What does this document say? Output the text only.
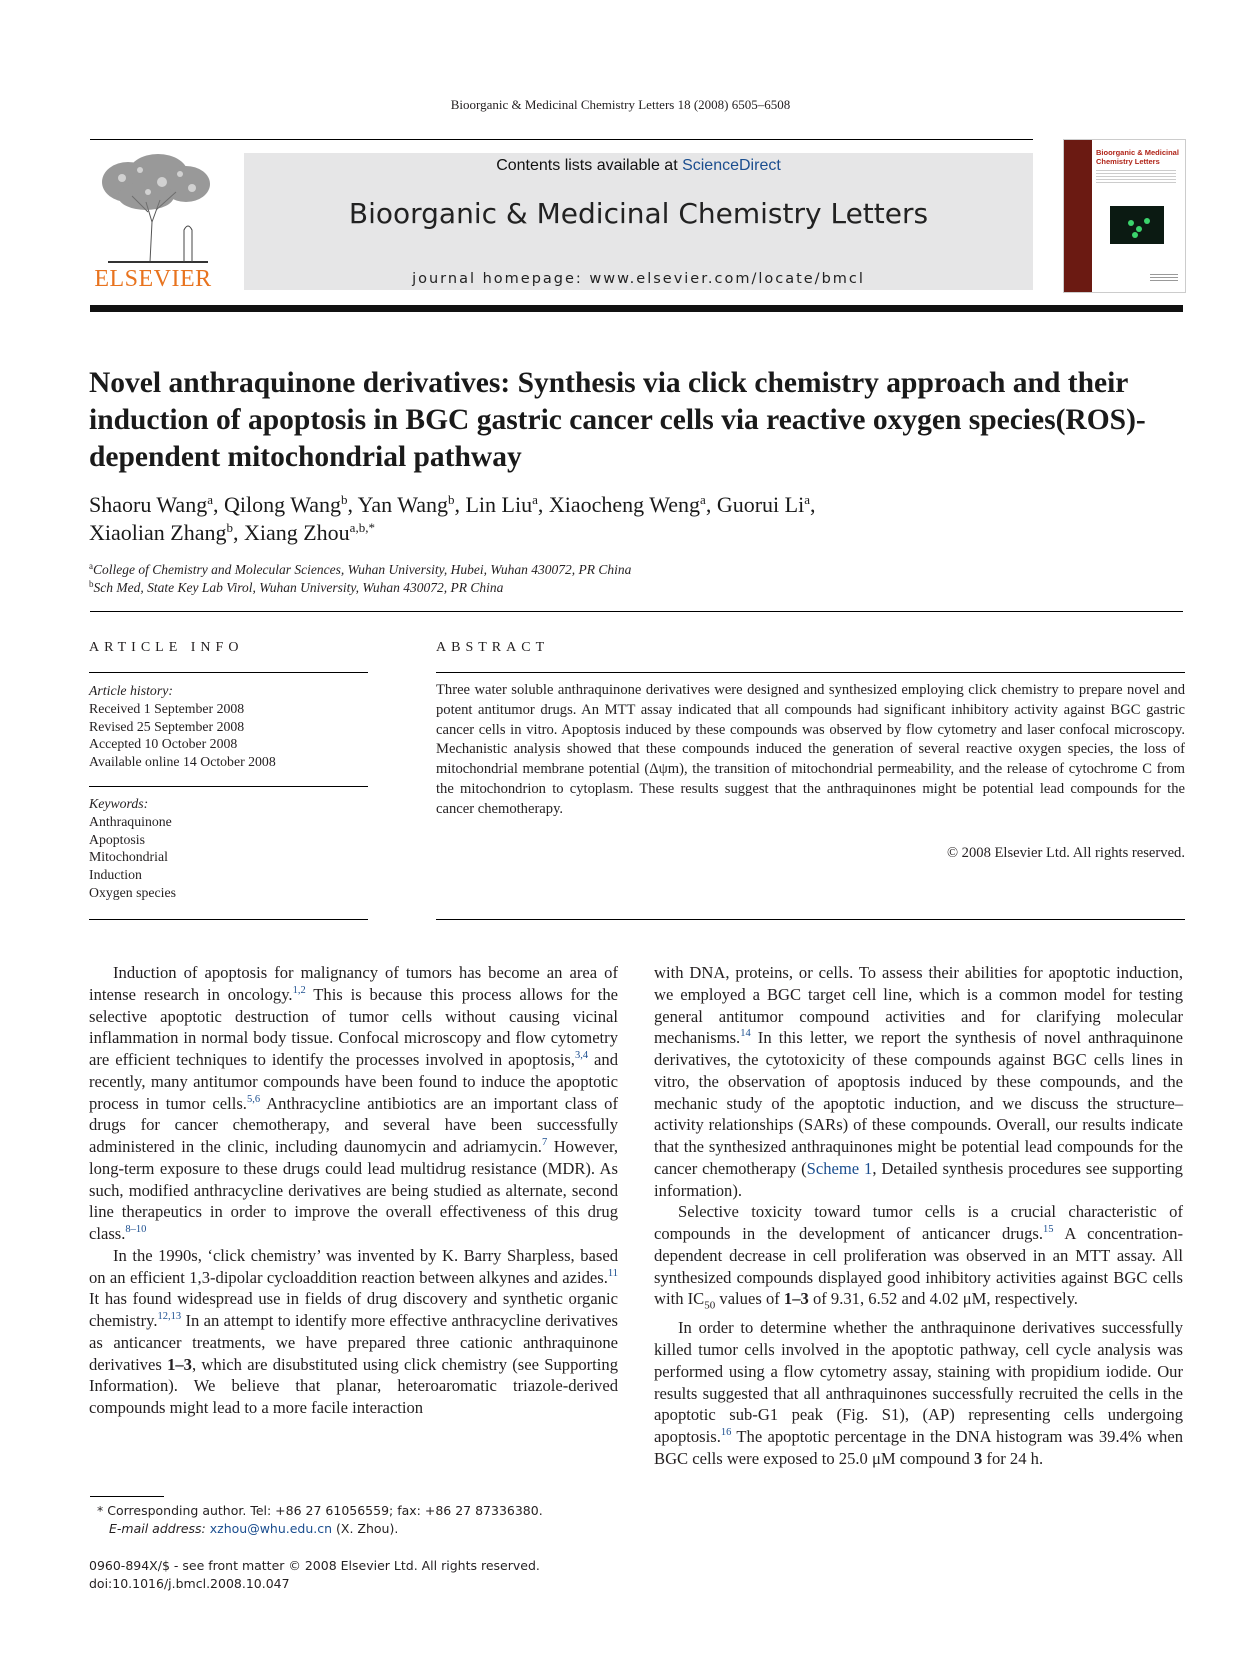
Bioorganic & Medicinal Chemistry Letters 18 (2008) 6505–6508
ELSEVIER
Contents lists available at ScienceDirect
Bioorganic & Medicinal Chemistry Letters
journal homepage: www.elsevier.com/locate/bmcl
Bioorganic & Medicinal Chemistry Letters
Novel anthraquinone derivatives: Synthesis via click chemistry approach and their induction of apoptosis in BGC gastric cancer cells via reactive oxygen species(ROS)-dependent mitochondrial pathway
Shaoru Wang$^a$, Qilong Wang$^b$, Yan Wang$^b$, Lin Liu$^a$, Xiaocheng Weng$^a$, Guorui Li$^a$,
Xiaolian Zhang$^b$, Xiang Zhou$^{a,b,*}$
$^a$College of Chemistry and Molecular Sciences, Wuhan University, Hubei, Wuhan 430072, PR China
$^b$Sch Med, State Key Lab Virol, Wuhan University, Wuhan 430072, PR China
ARTICLE INFO
Article history:
Received 1 September 2008
Revised 25 September 2008
Accepted 10 October 2008
Available online 14 October 2008
Keywords:
Anthraquinone
Apoptosis
Mitochondrial
Induction
Oxygen species
ABSTRACT
Three water soluble anthraquinone derivatives were designed and synthesized employing click chemistry to prepare novel and potent antitumor drugs. An MTT assay indicated that all compounds had significant inhibitory activity against BGC gastric cancer cells in vitro. Apoptosis induced by these compounds was observed by flow cytometry and laser confocal microscopy. Mechanistic analysis showed that these compounds induced the generation of several reactive oxygen species, the loss of mitochondrial membrane potential (Δψm), the transition of mitochondrial permeability, and the release of cytochrome C from the mitochondrion to cytoplasm. These results suggest that the anthraquinones might be potential lead compounds for the cancer chemotherapy.
© 2008 Elsevier Ltd. All rights reserved.

Induction of apoptosis for malignancy of tumors has become an area of intense research in oncology.$^{1,2}$ This is because this process allows for the selective apoptotic destruction of tumor cells without causing vicinal inflammation in normal body tissue. Confocal microscopy and flow cytometry are efficient techniques to identify the processes involved in apoptosis,$^{3,4}$ and recently, many antitumor compounds have been found to induce the apoptotic process in tumor cells.$^{5,6}$ Anthracycline antibiotics are an important class of drugs for cancer chemotherapy, and several have been successfully administered in the clinic, including daunomycin and adriamycin.$^7$ However, long-term exposure to these drugs could lead multidrug resistance (MDR). As such, modified anthracycline derivatives are being studied as alternate, second line therapeutics in order to improve the overall effectiveness of this drug class.$^{8-10}$

In the 1990s, ‘click chemistry’ was invented by K. Barry Sharpless, based on an efficient 1,3-dipolar cycloaddition reaction between alkynes and azides.$^{11}$ It has found widespread use in fields of drug discovery and synthetic organic chemistry.$^{12,13}$ In an attempt to identify more effective anthracycline derivatives as anticancer treatments, we have prepared three cationic anthraquinone derivatives 1–3, which are disubstituted using click chemistry (see Supporting Information). We believe that planar, heteroaromatic triazole-derived compounds might lead to a more facile interaction

with DNA, proteins, or cells. To assess their abilities for apoptotic induction, we employed a BGC target cell line, which is a common model for testing general antitumor compound activities and for clarifying molecular mechanisms.$^{14}$ In this letter, we report the synthesis of novel anthraquinone derivatives, the cytotoxicity of these compounds against BGC cells lines in vitro, the observation of apoptosis induced by these compounds, and the mechanic study of the apoptotic induction, and we discuss the structure–activity relationships (SARs) of these compounds. Overall, our results indicate that the synthesized anthraquinones might be potential lead compounds for the cancer chemotherapy (Scheme 1, Detailed synthesis procedures see supporting information).

Selective toxicity toward tumor cells is a crucial characteristic of compounds in the development of anticancer drugs.$^{15}$ A concentration-dependent decrease in cell proliferation was observed in an MTT assay. All synthesized compounds displayed good inhibitory activities against BGC cells with $IC_{50}$ values of 1–3 of 9.31, 6.52 and 4.02 μM, respectively.

In order to determine whether the anthraquinone derivatives successfully killed tumor cells involved in the apoptotic pathway, cell cycle analysis was performed using a flow cytometry assay, staining with propidium iodide. Our results suggested that all anthraquinones successfully recruited the cells in the apoptotic sub-G1 peak (Fig. S1), (AP) representing cells undergoing apoptosis.$^{16}$ The apoptotic percentage in the DNA histogram was 39.4% when BGC cells were exposed to 25.0 μM compound 3 for 24 h.

* Corresponding author. Tel: +86 27 61056559; fax: +86 27 87336380.
E-mail address: xzhou@whu.edu.cn (X. Zhou).
0960-894X/$ - see front matter © 2008 Elsevier Ltd. All rights reserved.
doi:10.1016/j.bmcl.2008.10.047
